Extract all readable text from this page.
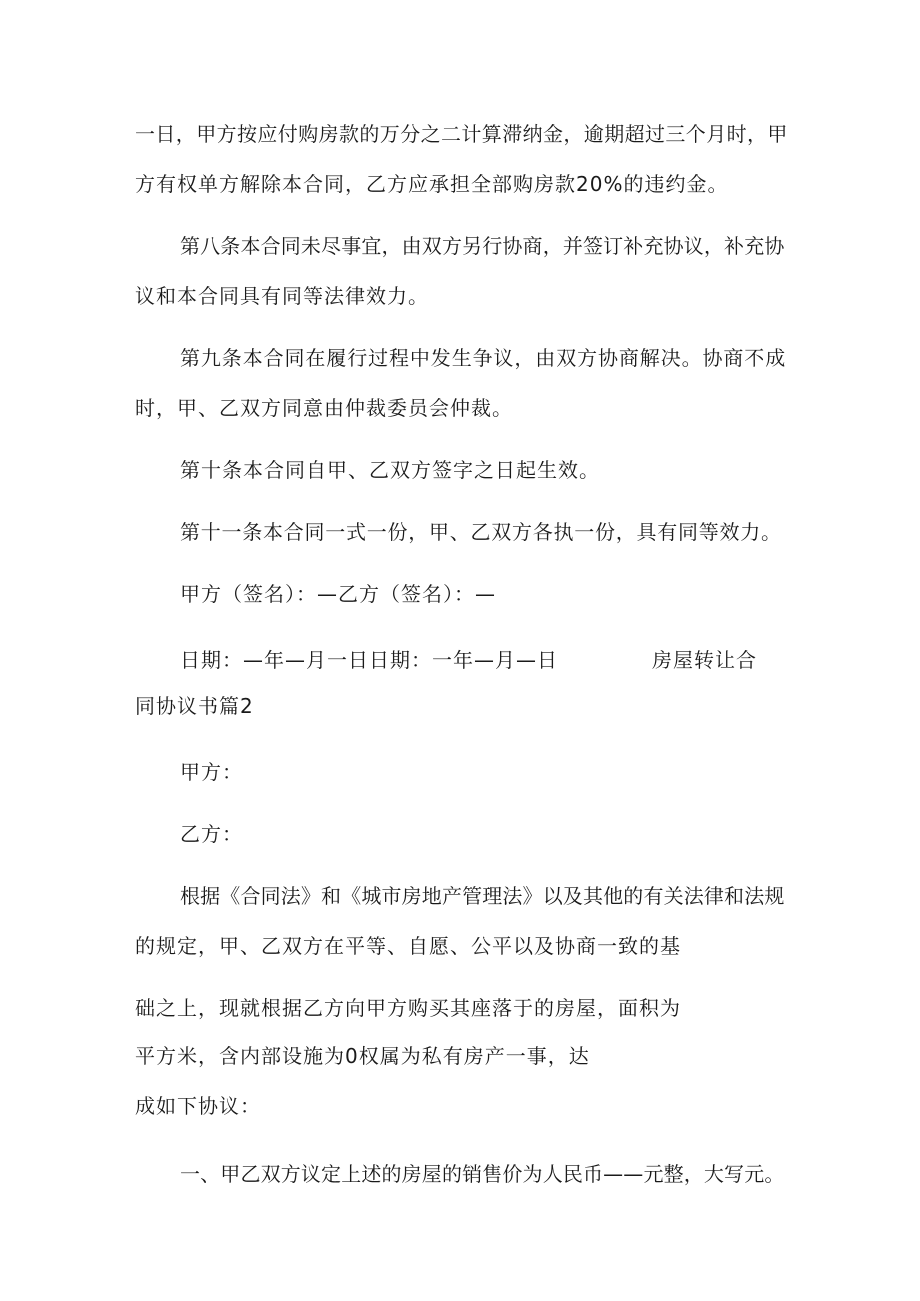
一日，甲方按应付购房款的万分之二计算滞纳金，逾期超过三个月时，甲
方有权单方解除本合同，乙方应承担全部购房款20%的违约金。
第八条本合同未尽事宜，由双方另行协商，并签订补充协议，补充协
议和本合同具有同等法律效力。
第九条本合同在履行过程中发生争议，由双方协商解决。协商不成
时，甲、乙双方同意由仲裁委员会仲裁。
第十条本合同自甲、乙双方签字之日起生效。
第十一条本合同一式一份，甲、乙双方各执一份，具有同等效力。
甲方（签名）：—乙方（签名）：—
日期：—年—月一日日期：一年—月—日	房屋转让合
同协议书篇2
甲方：
乙方：
根据《合同法》和《城市房地产管理法》以及其他的有关法律和法规
的规定，甲、乙双方在平等、自愿、公平以及协商一致的基
础之上，现就根据乙方向甲方购买其座落于的房屋，面积为
平方米，含内部设施为0权属为私有房产一事，达
成如下协议：
一、甲乙双方议定上述的房屋的销售价为人民币——元整，大写元。
